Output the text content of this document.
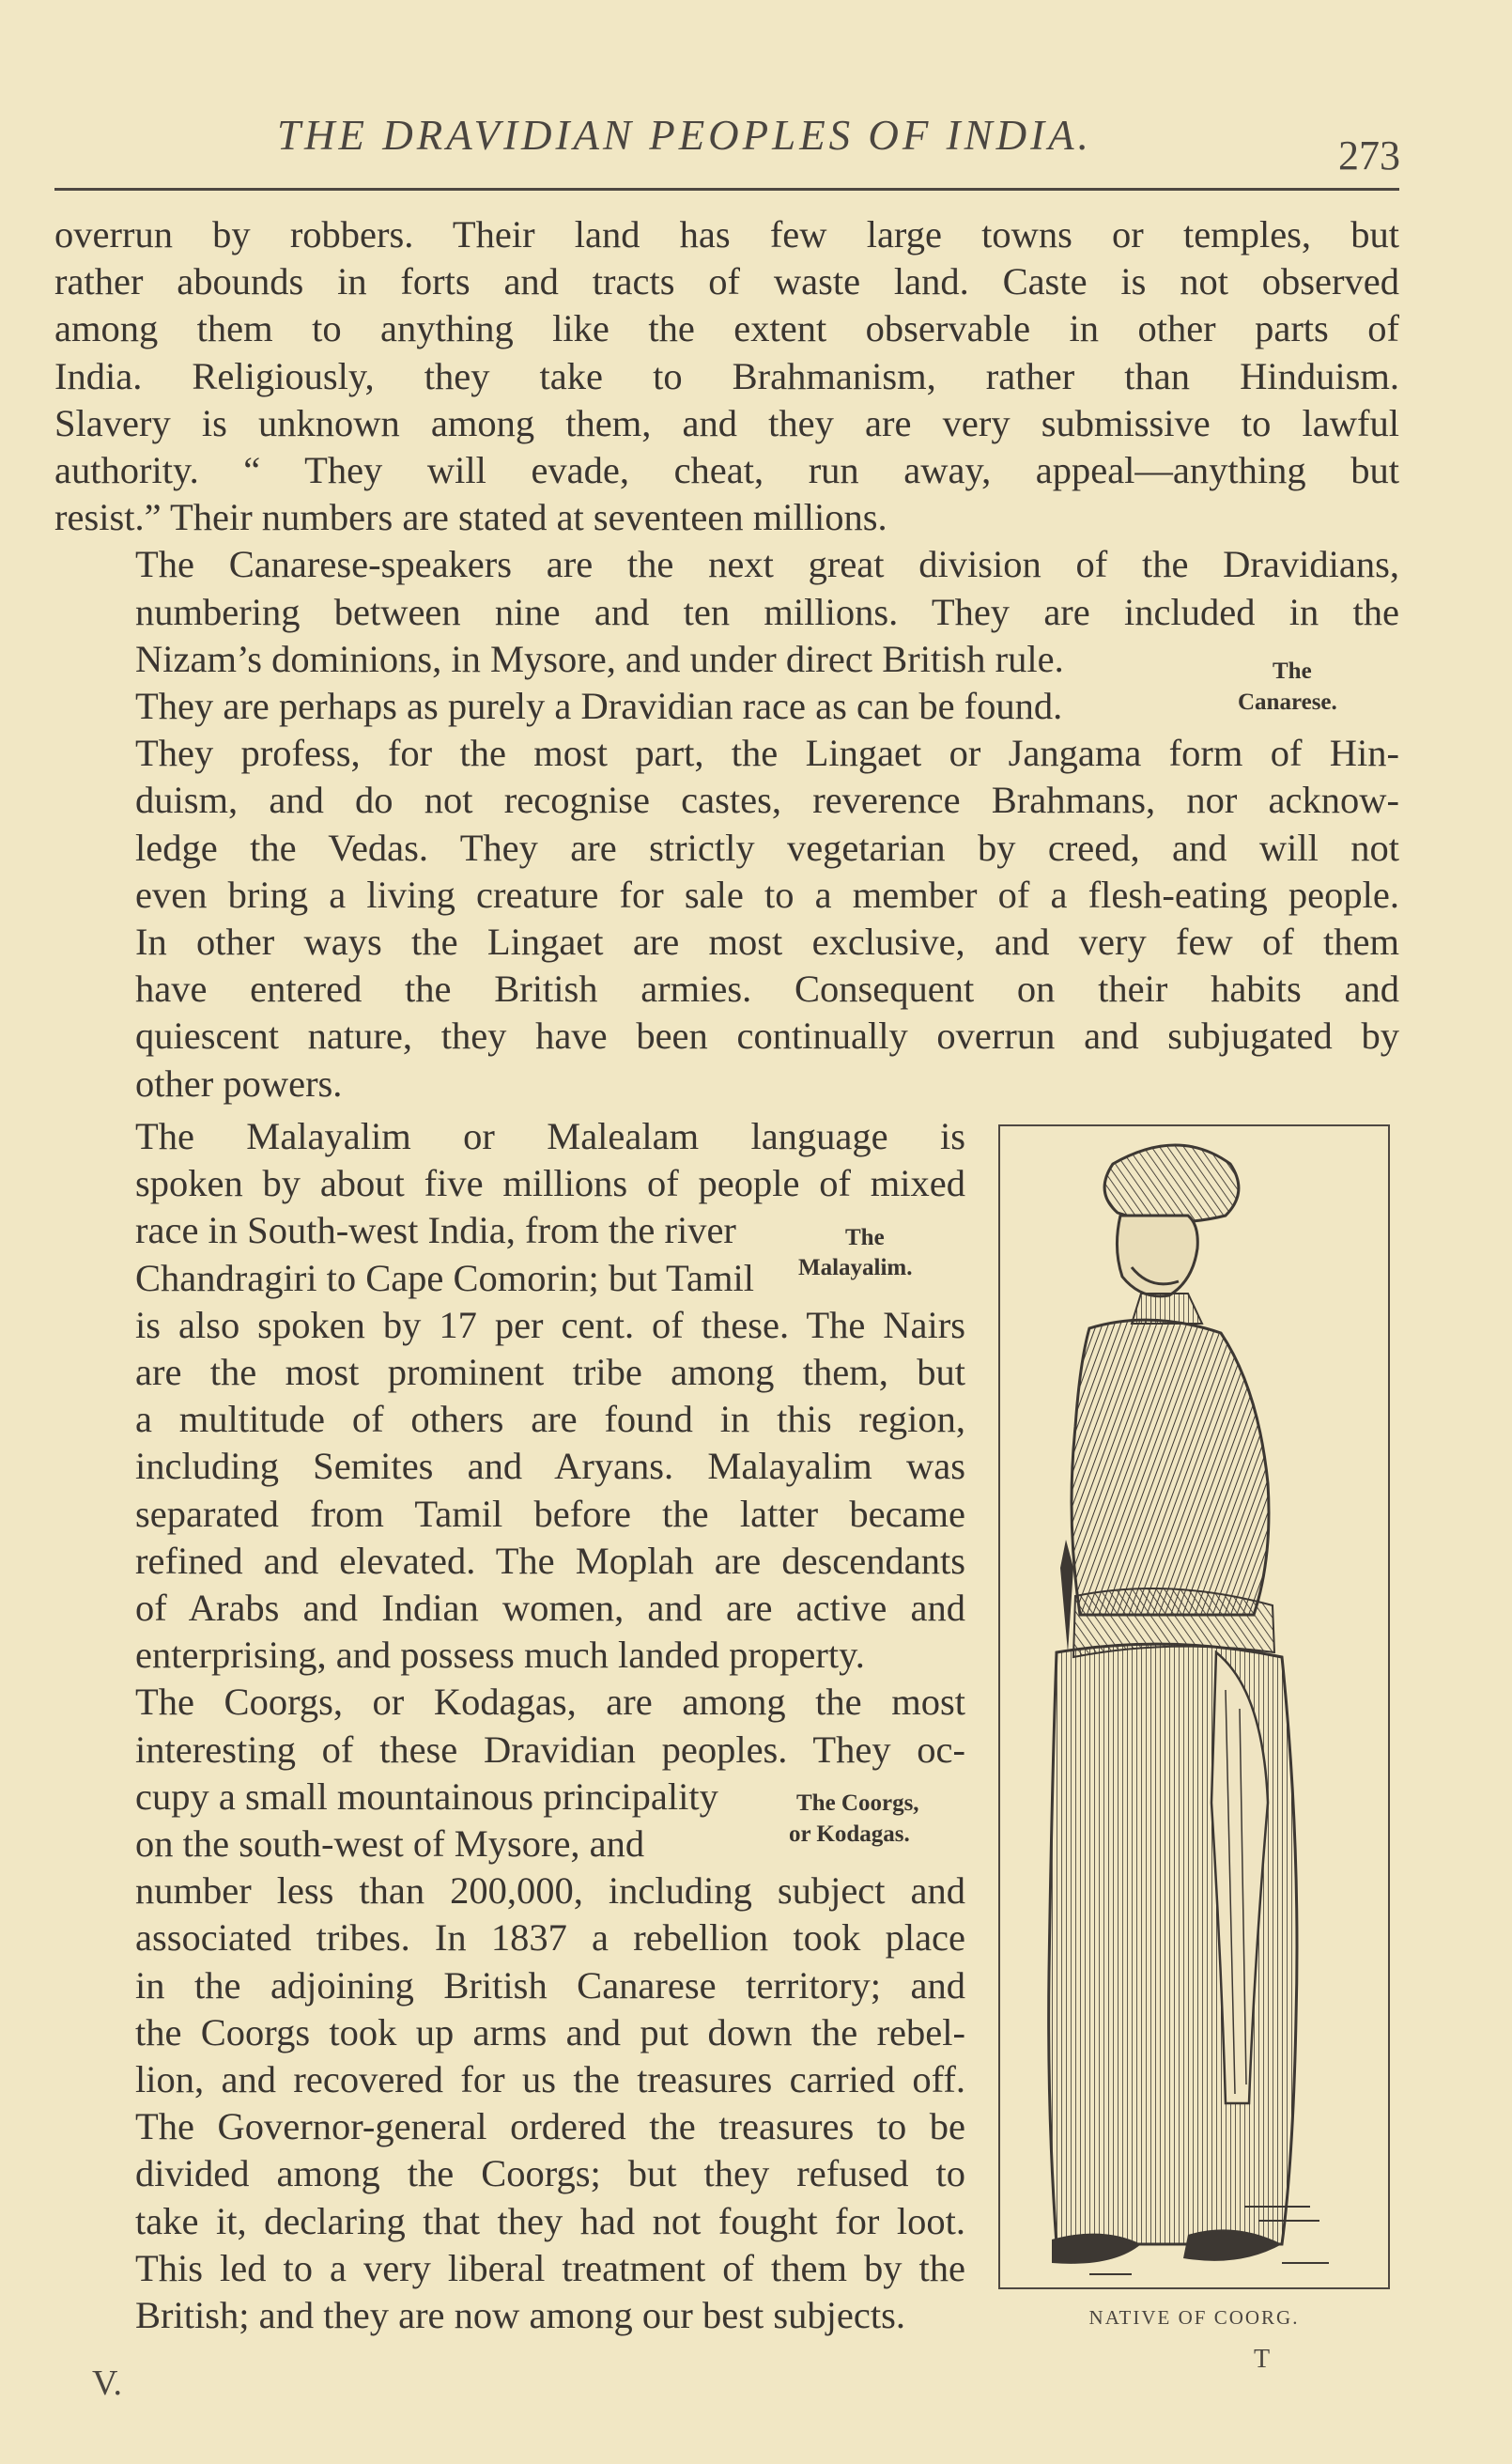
THE DRAVIDIAN PEOPLES OF INDIA.	273

overrun by robbers. Their land has few large towns or temples, but
rather abounds in forts and tracts of waste land. Caste is not observed
among them to anything like the extent observable in other parts of
India. Religiously, they take to Brahmanism, rather than Hinduism.
Slavery is unknown among them, and they are very submissive to lawful
authority. “ They will evade, cheat, run away, appeal—anything but
resist.” Their numbers are stated at seventeen millions.

The Canarese-speakers are the next great division of the Dravidians,
numbering between nine and ten millions. They are included in the
Nizam’s dominions, in Mysore, and under direct British rule.
They are perhaps as purely a Dravidian race as can be found.
They profess, for the most part, the Lingaet or Jangama form of Hin-
duism, and do not recognise castes, reverence Brahmans, nor acknow-
ledge the Vedas. They are strictly vegetarian by creed, and will not
even bring a living creature for sale to a member of a flesh-eating people.
In other ways the Lingaet are most exclusive, and very few of them
have entered the British armies. Consequent on their habits and
quiescent nature, they have been continually overrun and subjugated by
other powers.

The Malayalim or Malealam language is
spoken by about five millions of people of mixed
race in South-west India, from the river
Chandragiri to Cape Comorin; but Tamil
is also spoken by 17 per cent. of these. The Nairs
are the most prominent tribe among them, but
a multitude of others are found in this region,
including Semites and Aryans. Malayalim was
separated from Tamil before the latter became
refined and elevated. The Moplah are descendants
of Arabs and Indian women, and are active and
enterprising, and possess much landed property.

The Coorgs, or Kodagas, are among the most
interesting of these Dravidian peoples. They oc-
cupy a small mountainous principality
on the south-west of Mysore, and
number less than 200,000, including subject and
associated tribes. In 1837 a rebellion took place
in the adjoining British Canarese territory; and
the Coorgs took up arms and put down the rebel-
lion, and recovered for us the treasures carried off.
The Governor-general ordered the treasures to be
divided among the Coorgs; but they refused to
take it, declaring that they had not fought for loot.
This led to a very liberal treatment of them by the
British; and they are now among our best subjects.

The
Canarese.
The
Malayalim.
The Coorgs,
or Kodagas.
NATIVE OF COORG.
V.
T
